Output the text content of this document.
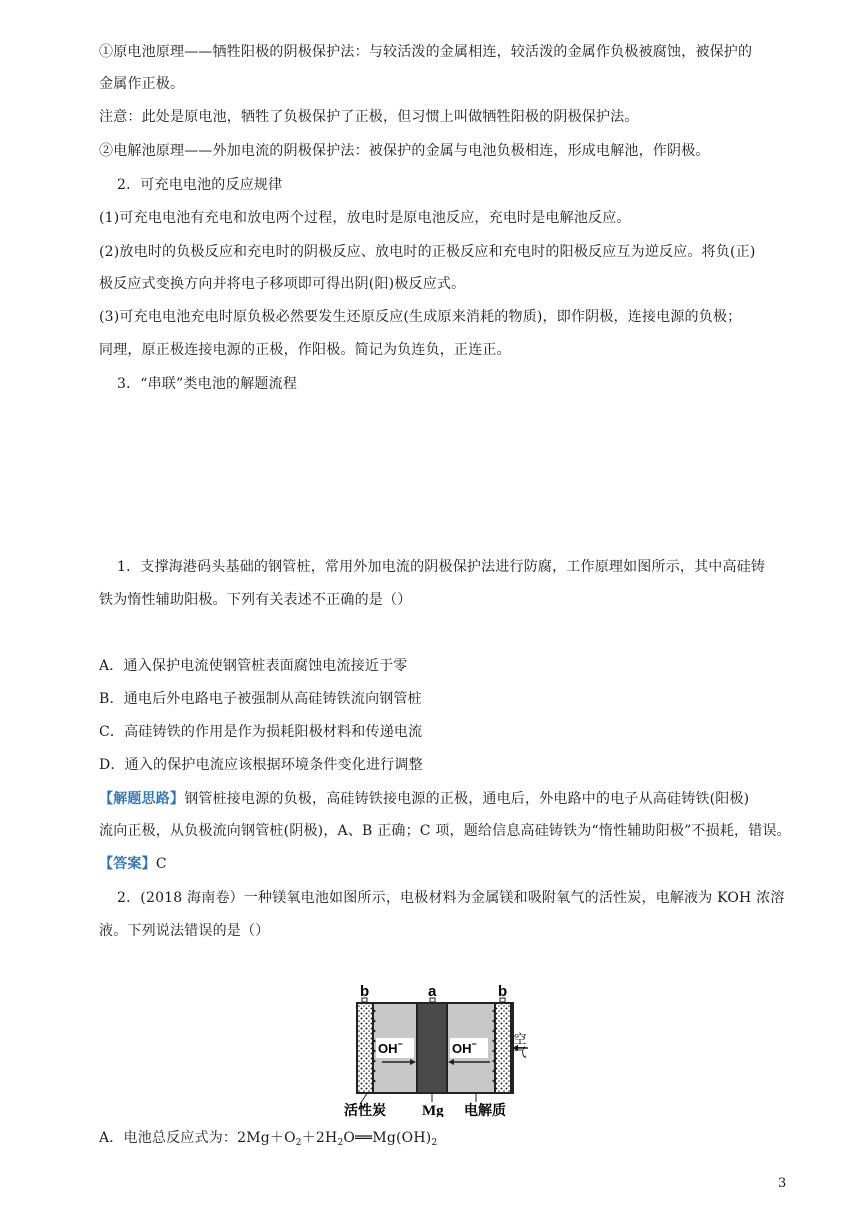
①原电池原理——牺牲阳极的阴极保护法：与较活泼的金属相连，较活泼的金属作负极被腐蚀，被保护的
金属作正极。
注意：此处是原电池，牺牲了负极保护了正极，但习惯上叫做牺牲阳极的阴极保护法。
②电解池原理——外加电流的阴极保护法：被保护的金属与电池负极相连，形成电解池，作阴极。
2．可充电电池的反应规律
(1)可充电电池有充电和放电两个过程，放电时是原电池反应，充电时是电解池反应。
(2)放电时的负极反应和充电时的阴极反应、放电时的正极反应和充电时的阳极反应互为逆反应。将负(正)
极反应式变换方向并将电子移项即可得出阴(阳)极反应式。
(3)可充电电池充电时原负极必然要发生还原反应(生成原来消耗的物质)，即作阴极，连接电源的负极；
同理，原正极连接电源的正极，作阳极。简记为负连负，正连正。
3．“串联”类电池的解题流程
1．支撑海港码头基础的钢管桩，常用外加电流的阴极保护法进行防腐，工作原理如图所示，其中高硅铸
铁为惰性辅助阳极。下列有关表述不正确的是（）
A．通入保护电流使钢管桩表面腐蚀电流接近于零
B．通电后外电路电子被强制从高硅铸铁流向钢管桩
C．高硅铸铁的作用是作为损耗阳极材料和传递电流
D．通入的保护电流应该根据环境条件变化进行调整
【解题思路】钢管桩接电源的负极，高硅铸铁接电源的正极，通电后，外电路中的电子从高硅铸铁(阳极)
流向正极，从负极流向钢管桩(阴极)，A、B 正确；C 项，题给信息高硅铸铁为“惰性辅助阳极”不损耗，错误。
【答案】C
2．(2018 海南卷）一种镁氧电池如图所示，电极材料为金属镁和吸附氧气的活性炭，电解液为 KOH 浓溶
液。下列说法错误的是（）
b	a	b
OH−	OH−	空气
活性炭 Mg 电解质
A．电池总反应式为：$2Mg+O_2+2H_2O══Mg(OH)_2$
3
